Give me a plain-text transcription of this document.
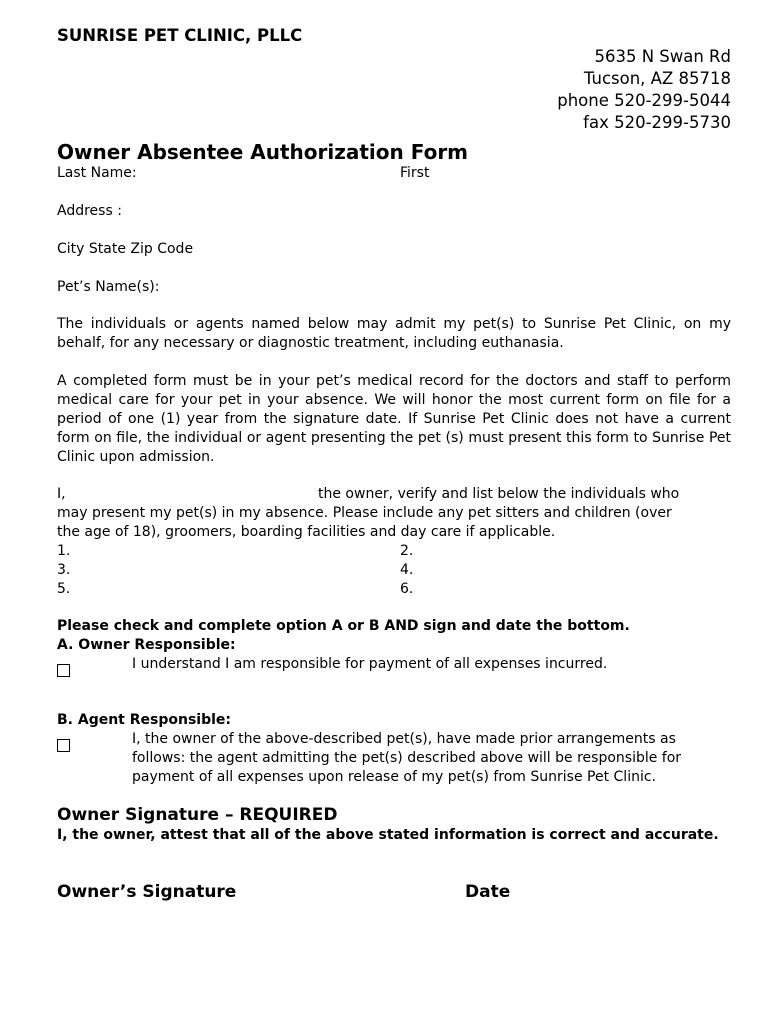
SUNRISE PET CLINIC, PLLC
5635 N Swan Rd
Tucson, AZ 85718
phone 520-299-5044
fax 520-299-5730
Owner Absentee Authorization Form
Last Name:	First
Address :
City State Zip Code
Pet’s Name(s):
The individuals or agents named below may admit my pet(s) to Sunrise Pet Clinic, on my behalf, for any necessary or diagnostic treatment, including euthanasia.
A completed form must be in your pet’s medical record for the doctors and staff to perform medical care for your pet in your absence. We will honor the most current form on file for a period of one (1) year from the signature date. If Sunrise Pet Clinic does not have a current form on file, the individual or agent presenting the pet (s) must present this form to Sunrise Pet Clinic upon admission.
I,	the owner, verify and list below the individuals who
may present my pet(s) in my absence. Please include any pet sitters and children (over
the age of 18), groomers, boarding facilities and day care if applicable.
1.	2.
3.	4.
5.	6.
Please check and complete option A or B AND sign and date the bottom.
A. Owner Responsible:
I understand I am responsible for payment of all expenses incurred.
B. Agent Responsible:
I, the owner of the above-described pet(s), have made prior arrangements as
follows: the agent admitting the pet(s) described above will be responsible for
payment of all expenses upon release of my pet(s) from Sunrise Pet Clinic.
Owner Signature – REQUIRED
I, the owner, attest that all of the above stated information is correct and accurate.
Owner’s Signature	Date
